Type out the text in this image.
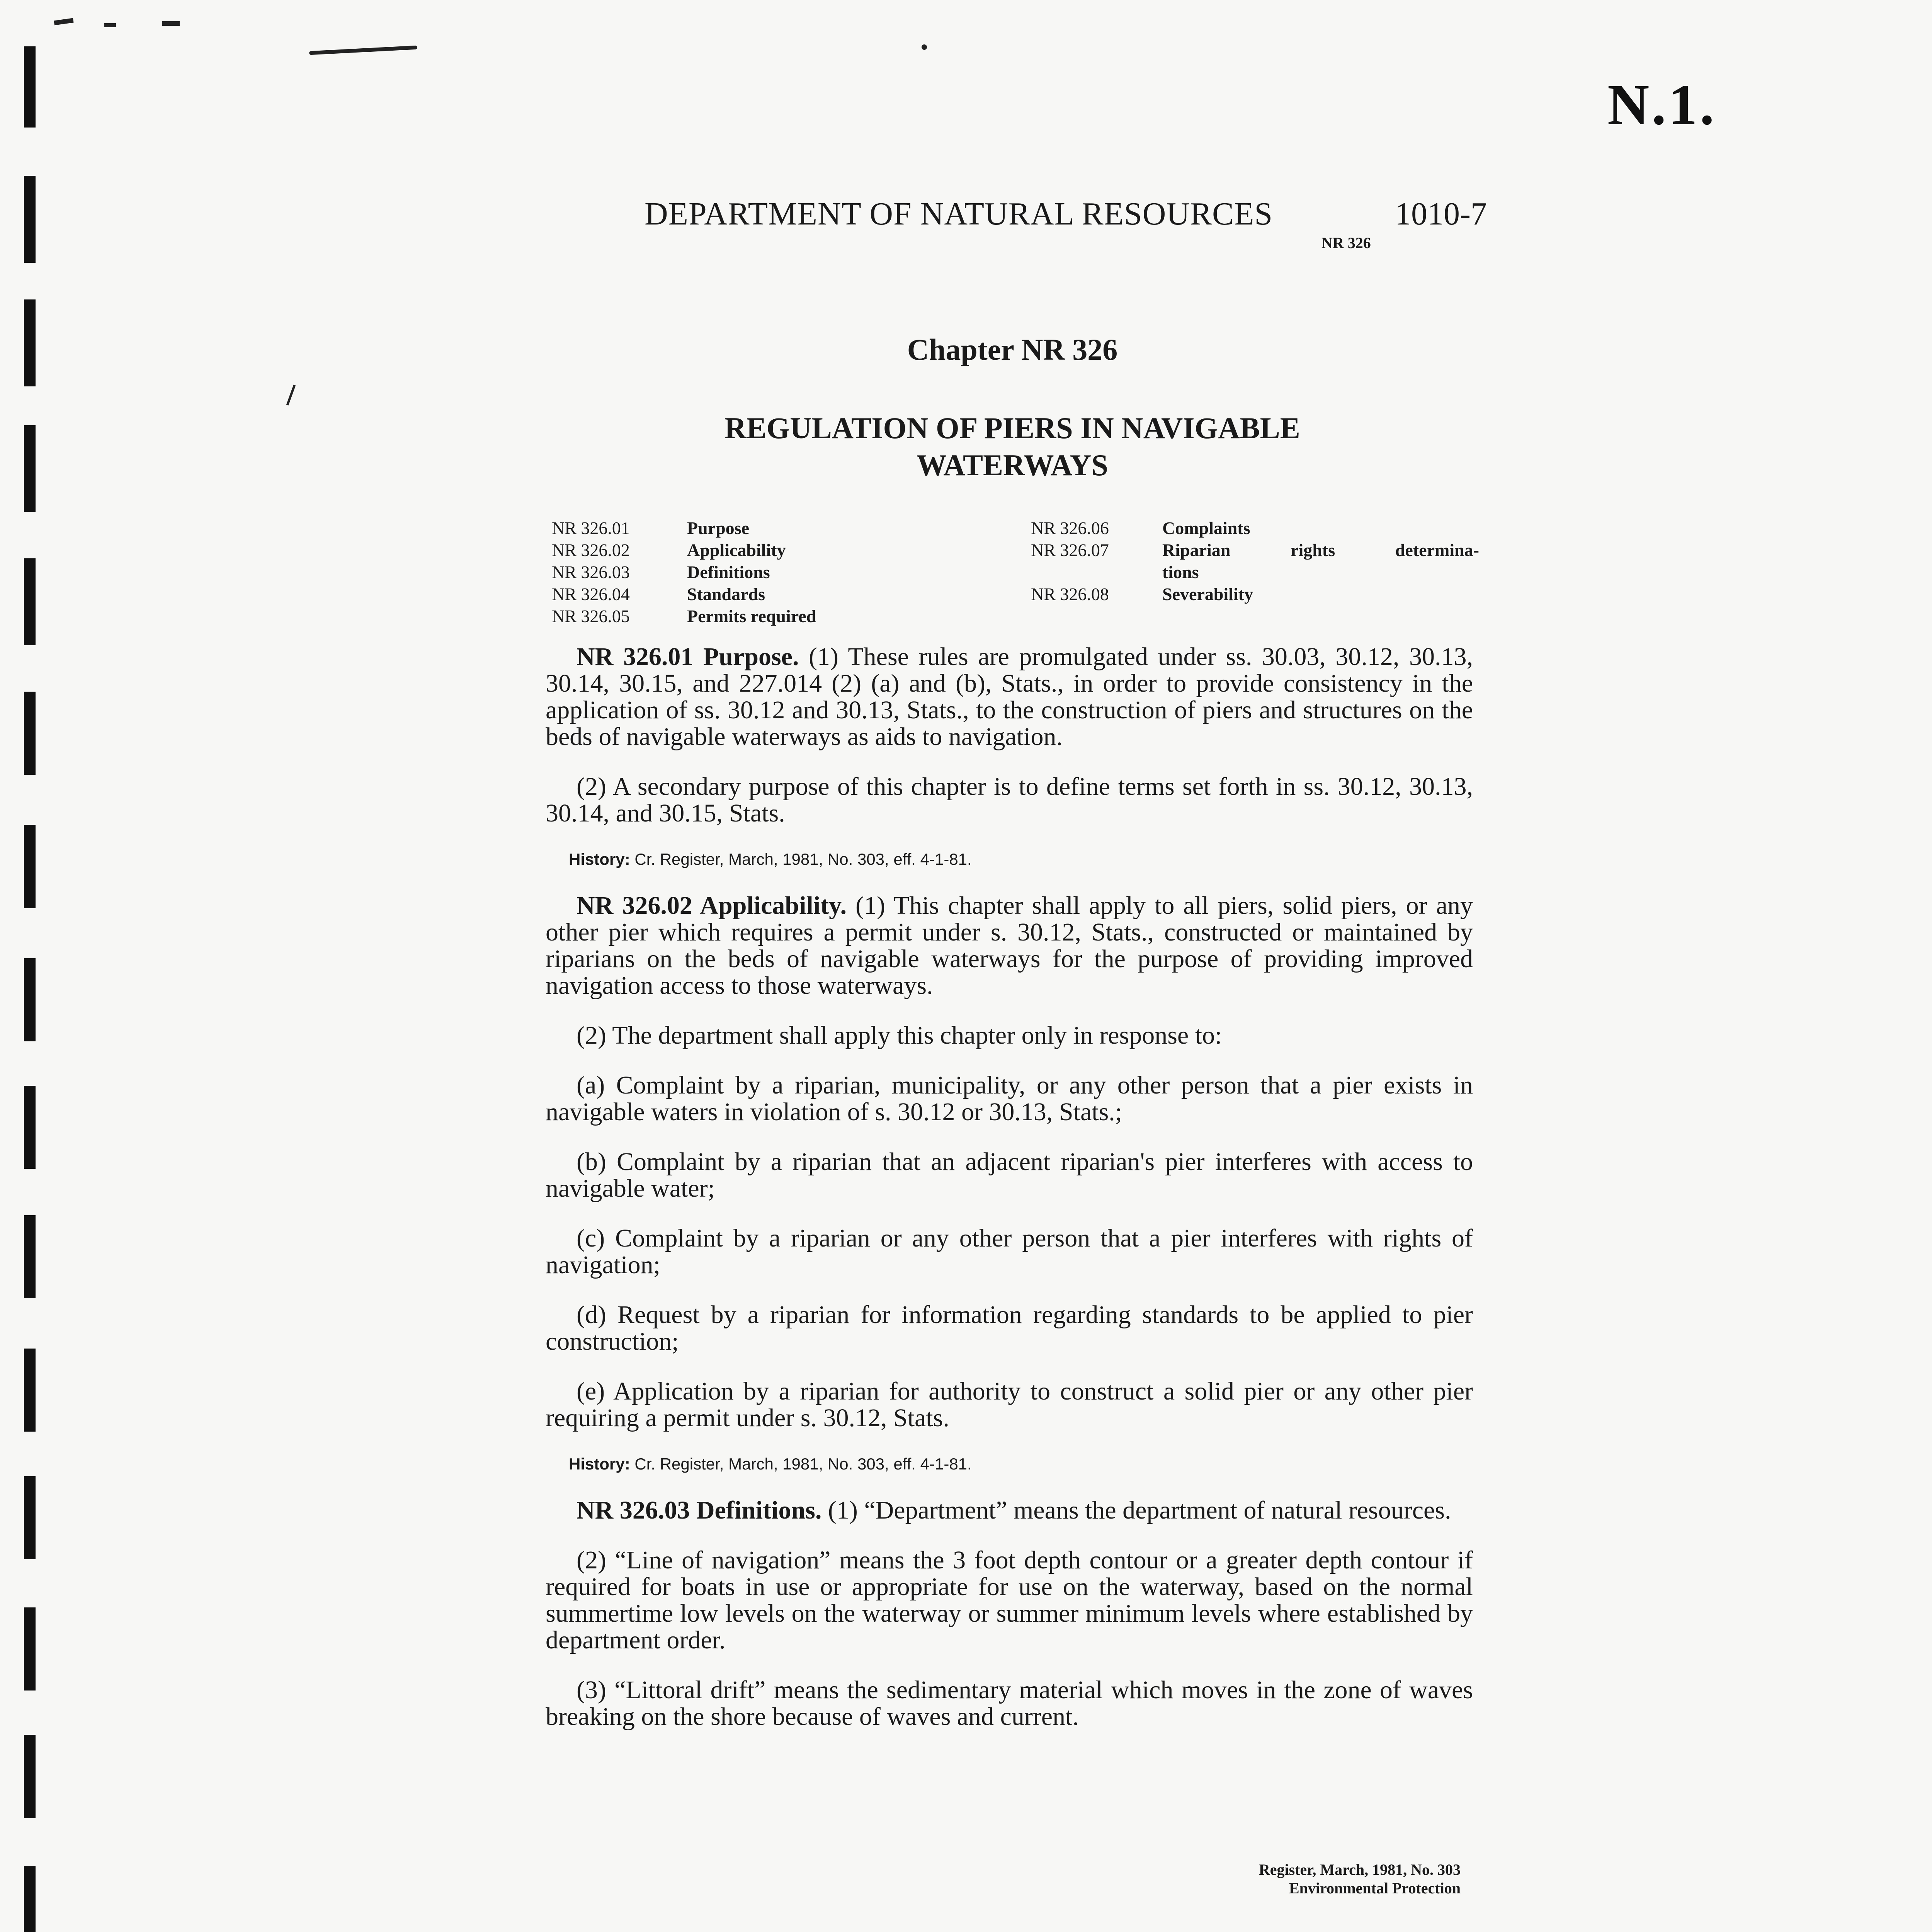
N.1.
DEPARTMENT OF NATURAL RESOURCES	1010-7
NR 326
Chapter NR 326
REGULATION OF PIERS IN NAVIGABLE
WATERWAYS
NR 326.01	Purpose
NR 326.02	Applicability
NR 326.03	Definitions
NR 326.04	Standards
NR 326.05	Permits required
NR 326.06	Complaints
NR 326.07	Riparian rights determina-
tions
NR 326.08	Severability

NR 326.01 Purpose. (1) These rules are promulgated under ss. 30.03, 30.12, 30.13, 30.14, 30.15, and 227.014 (2) (a) and (b), Stats., in order to provide consistency in the application of ss. 30.12 and 30.13, Stats., to the construction of piers and structures on the beds of navigable waterways as aids to navigation.

(2) A secondary purpose of this chapter is to define terms set forth in ss. 30.12, 30.13, 30.14, and 30.15, Stats.

History: Cr. Register, March, 1981, No. 303, eff. 4-1-81.

NR 326.02 Applicability. (1) This chapter shall apply to all piers, solid piers, or any other pier which requires a permit under s. 30.12, Stats., constructed or maintained by riparians on the beds of navigable waterways for the purpose of providing improved navigation access to those waterways.

(2) The department shall apply this chapter only in response to:

(a) Complaint by a riparian, municipality, or any other person that a pier exists in navigable waters in violation of s. 30.12 or 30.13, Stats.;

(b) Complaint by a riparian that an adjacent riparian's pier interferes with access to navigable water;

(c) Complaint by a riparian or any other person that a pier interferes with rights of navigation;

(d) Request by a riparian for information regarding standards to be applied to pier construction;

(e) Application by a riparian for authority to construct a solid pier or any other pier requiring a permit under s. 30.12, Stats.

History: Cr. Register, March, 1981, No. 303, eff. 4-1-81.

NR 326.03 Definitions. (1) “Department” means the department of natural resources.

(2) “Line of navigation” means the 3 foot depth contour or a greater depth contour if required for boats in use or appropriate for use on the waterway, based on the normal summertime low levels on the waterway or summer minimum levels where established by department order.

(3) “Littoral drift” means the sedimentary material which moves in the zone of waves breaking on the shore because of waves and current.

Register, March, 1981, No. 303
Environmental Protection
